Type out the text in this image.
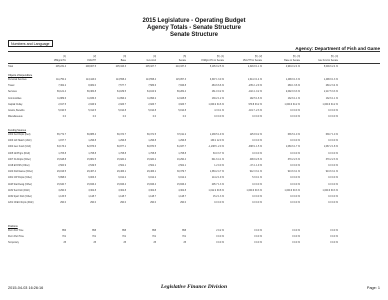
2015 Legislature - Operating Budget
Agency Totals - Senate Structure
Senate Structure
Numbers and Language
Agency: Department of Fish and Game
[1]
15Mgmt Pln
[2]
15AUTH
[3]
Base
[4]
Gov Amd
[5]
Senate
[5] - [1]
15Mgmt Pln to Senate
[5] - [2]
15AUTH to Senate
[5] - [3]
Base to Senate
[5] - [4]
Gov Amd to Senate
Total	205,231.4	208,007.5	205,343.3	205,327.7	210,337.3	5,105.9 2.5 %	2,329.8 1.1 %	4,994.0 2.4 %	5,009.6 2.4 %
Objects of Expenditure
Personal Services	111,750.2	113,443.0	113,558.4	113,558.4	115,057.3	3,307.1 3.0 %	1,614.3 1.4 %	1,498.9 1.3 %	1,498.9 1.3 %
Travel	7,362.2	8,082.0	7,577.7	7,586.6	7,846.8	484.6 6.6 %	-235.2 -2.9 %	269.1 3.6 %	260.2 3.4 %
Services	66,121.4	66,384.8	64,189.5	64,164.9	66,282.4	161.0 0.2 %	-102.4 -0.2 %	2,092.9 3.3 %	2,117.5 3.3 %
Commodities	11,889.6	11,836.3	11,896.2	11,896.2	12,028.8	139.2 1.2 %	192.5 1.6 %	132.6 1.1 %	132.6 1.1 %
Capital Outlay	2,917.5	2,946.9	2,926.7	2,926.7	3,926.7	1,009.2 34.6 %	979.8 33.2 %	1,000.0 34.2 %	1,000.0 34.2 %
Grants, Benefits	5,190.5	5,314.5	5,194.8	5,194.8	5,194.8	4.3 0.1 %	-119.7 -2.3 %	0.0 0.0 %	0.0 0.0 %
Miscellaneous	0.0	0.0	0.0	0.0	0.0	0.0 0.0 %	0.0 0.0 %	0.0 0.0 %	0.0 0.0 %
Funding Sources
1002 Fed Rcpts (Fed)	65,772.7	66,885.4	66,374.7	66,371.5	67,011.2	1,238.5 1.9 %	125.8 0.2 %	636.5 1.0 %	639.7 1.0 %
1003 G/F Match (UGF)	1,157.7	1,296.8	1,296.8	1,296.8	1,296.8	139.1 12.0 %	0.0 0.0 %	0.0 0.0 %	0.0 0.0 %
1004 Gen Fund (UGF)	63,176.2	62,876.6	60,877.1	60,870.5	61,937.7	-1,238.5 -2.0 %	-938.9 -1.5 %	1,060.6 1.7 %	1,067.2 1.8 %
1005 GF/Prgm (DGF)	1,705.8	1,768.8	1,768.8	1,768.8	1,768.8	63.0 3.7 %	0.0 0.0 %	0.0 0.0 %	0.0 0.0 %
1007 I/A Rcpts (Other)	15,648.8	15,881.5	15,920.2	15,920.2	16,290.4	641.6 4.1 %	408.9 2.6 %	370.2 2.3 %	370.2 2.3 %
1018 EVOSS (Other)	2,500.9	2,549.5	2,502.1	2,502.1	2,502.1	1.2 0.0 %	-47.4 -1.9 %	0.0 0.0 %	0.0 0.0 %
1024 Fish/Game (Other)	29,016.5	29,467.4	29,466.1	29,466.1	30,379.7	1,363.2 4.7 %	912.3 3.1 %	913.6 3.1 %	913.6 3.1 %
1061 CIP Rcpts (Other)	5,898.0	6,006.3	6,012.2	6,012.2	6,012.2	114.2 1.9 %	5.9 0.1 %	0.0 0.0 %	0.0 0.0 %
1108 Stat Desig (Other)	15,640.7	15,846.4	15,846.4	15,846.4	15,846.4	205.7 1.3 %	0.0 0.0 %	0.0 0.0 %	0.0 0.0 %
1109 Test Fish (DGF)	3,290.6	3,302.8	3,302.8	3,302.8	4,302.8	1,012.2 30.8 %	1,000.0 30.3 %	1,000.0 30.3 %	1,000.0 30.3 %
1199 Sport Fish (Other)	1,133.5	1,148.7	1,148.7	1,148.7	1,148.7	15.2 1.3 %	0.0 0.0 %	0.0 0.0 %	0.0 0.0 %
1201 CFEC Rcpts (DGF)	290.0	290.0	290.0	290.0	290.0	0.0 0.0 %	0.0 0.0 %	0.0 0.0 %	0.0 0.0 %
Positions
Perm Full Time	856	858	858	858	858	2 0.2 %	0 0.0 %	0 0.0 %	0 0.0 %
Perm Part Time	701	701	701	701	701	0 0.0 %	0 0.0 %	0 0.0 %	0 0.0 %
Temporary	25	25	25	25	25	0 0.0 %	0 0.0 %	0 0.0 %	0 0.0 %
2015-04-03 16:26:16	Legislative Finance Division	Page: 1
